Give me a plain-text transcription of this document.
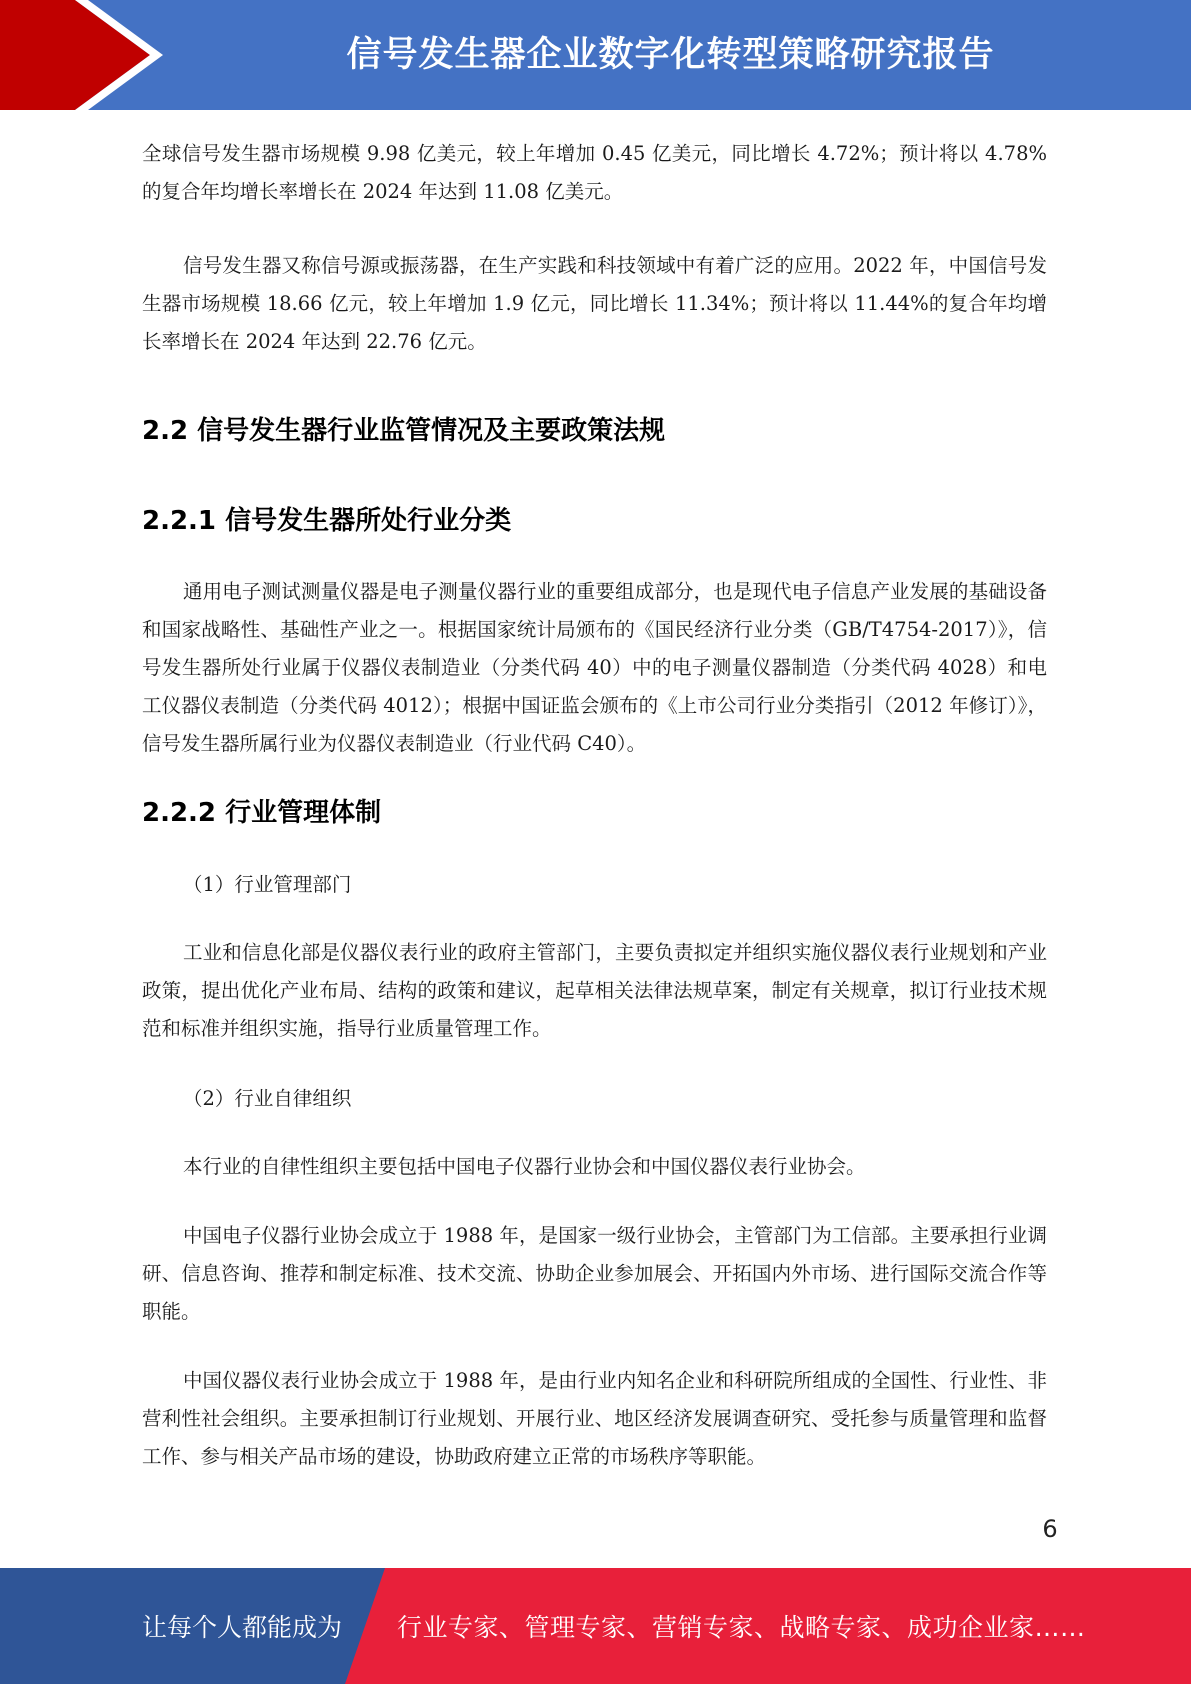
信号发生器企业数字化转型策略研究报告

全球信号发生器市场规模 9.98 亿美元，较上年增加 0.45 亿美元，同比增长 4.72%；预计将以 4.78%的复合年均增长率增长在 2024 年达到 11.08 亿美元。

信号发生器又称信号源或振荡器，在生产实践和科技领域中有着广泛的应用。2022 年，中国信号发生器市场规模 18.66 亿元，较上年增加 1.9 亿元，同比增长 11.34%；预计将以 11.44%的复合年均增长率增长在 2024 年达到 22.76 亿元。

2.2 信号发生器行业监管情况及主要政策法规
2.2.1 信号发生器所处行业分类

通用电子测试测量仪器是电子测量仪器行业的重要组成部分，也是现代电子信息产业发展的基础设备和国家战略性、基础性产业之一。根据国家统计局颁布的《国民经济行业分类（GB/T4754-2017）》，信号发生器所处行业属于仪器仪表制造业（分类代码 40）中的电子测量仪器制造（分类代码 4028）和电工仪器仪表制造（分类代码 4012）；根据中国证监会颁布的《上市公司行业分类指引（2012 年修订）》，信号发生器所属行业为仪器仪表制造业（行业代码 C40）。

2.2.2 行业管理体制

（1）行业管理部门

工业和信息化部是仪器仪表行业的政府主管部门，主要负责拟定并组织实施仪器仪表行业规划和产业政策，提出优化产业布局、结构的政策和建议，起草相关法律法规草案，制定有关规章，拟订行业技术规范和标准并组织实施，指导行业质量管理工作。

（2）行业自律组织

本行业的自律性组织主要包括中国电子仪器行业协会和中国仪器仪表行业协会。

中国电子仪器行业协会成立于 1988 年，是国家一级行业协会，主管部门为工信部。主要承担行业调研、信息咨询、推荐和制定标准、技术交流、协助企业参加展会、开拓国内外市场、进行国际交流合作等职能。

中国仪器仪表行业协会成立于 1988 年，是由行业内知名企业和科研院所组成的全国性、行业性、非营利性社会组织。主要承担制订行业规划、开展行业、地区经济发展调查研究、受托参与质量管理和监督工作、参与相关产品市场的建设，协助政府建立正常的市场秩序等职能。

6
让每个人都能成为 行业专家、管理专家、营销专家、战略专家、成功企业家……
